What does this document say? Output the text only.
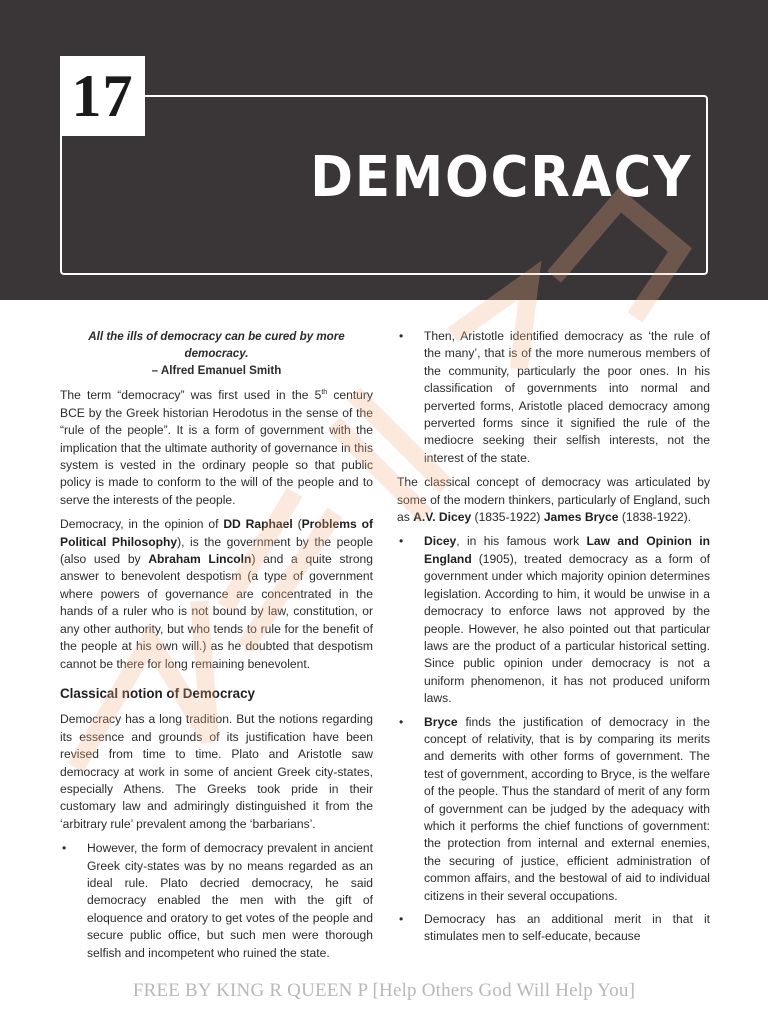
17
DEMOCRACY

All the ills of democracy can be cured by more democracy.

– Alfred Emanuel Smith

The term “democracy” was first used in the 5th century BCE by the Greek historian Herodotus in the sense of the “rule of the people”. It is a form of government with the implication that the ultimate authority of governance in this system is vested in the ordinary people so that public policy is made to conform to the will of the people and to serve the interests of the people.

Democracy, in the opinion of DD Raphael (Problems of Political Philosophy), is the government by the people (also used by Abraham Lincoln) and a quite strong answer to benevolent despotism (a type of government where powers of governance are concentrated in the hands of a ruler who is not bound by law, constitution, or any other authority, but who tends to rule for the benefit of the people at his own will.) as he doubted that despotism cannot be there for long remaining benevolent.

Classical notion of Democracy

Democracy has a long tradition. But the notions regarding its essence and grounds of its justification have been revised from time to time. Plato and Aristotle saw democracy at work in some of ancient Greek city-states, especially Athens. The Greeks took pride in their customary law and admiringly distinguished it from the ‘arbitrary rule’ prevalent among the ‘barbarians’.

• However, the form of democracy prevalent in ancient Greek city-states was by no means regarded as an ideal rule. Plato decried democracy, he said democracy enabled the men with the gift of eloquence and oratory to get votes of the people and secure public office, but such men were thorough selfish and incompetent who ruined the state.
• Then, Aristotle identified democracy as ‘the rule of the many’, that is of the more numerous members of the community, particularly the poor ones. In his classification of governments into normal and perverted forms, Aristotle placed democracy among perverted forms since it signified the rule of the mediocre seeking their selfish interests, not the interest of the state.

The classical concept of democracy was articulated by some of the modern thinkers, particularly of England, such as A.V. Dicey (1835-1922) James Bryce (1838-1922).

• Dicey, in his famous work Law and Opinion in England (1905), treated democracy as a form of government under which majority opinion determines legislation. According to him, it would be unwise in a democracy to enforce laws not approved by the people. However, he also pointed out that particular laws are the product of a particular historical setting. Since public opinion under democracy is not a uniform phenomenon, it has not produced uniform laws.
• Bryce finds the justification of democracy in the concept of relativity, that is by comparing its merits and demerits with other forms of government. The test of government, according to Bryce, is the welfare of the people. Thus the standard of merit of any form of government can be judged by the adequacy with which it performs the chief functions of government: the protection from internal and external enemies, the securing of justice, efficient administration of common affairs, and the bestowal of aid to individual citizens in their several occupations.
• Democracy has an additional merit in that it stimulates men to self-educate, because
FREE BY KING R QUEEN P [Help Others God Will Help You]
